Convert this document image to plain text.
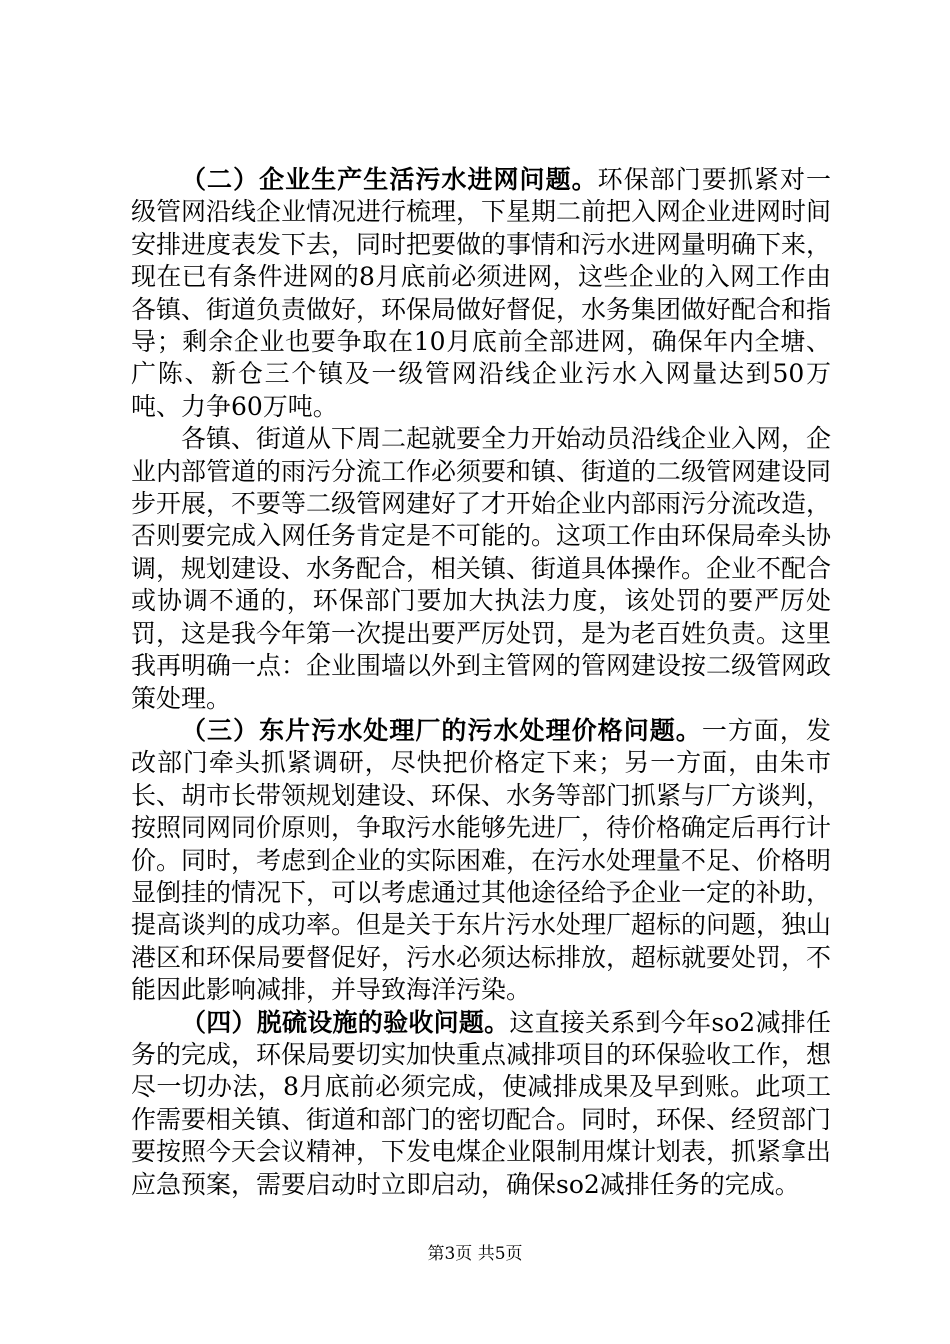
（二）企业生产生活污水进网问题。环保部门要抓紧对一级管网沿线企业情况进行梳理，下星期二前把入网企业进网时间安排进度表发下去，同时把要做的事情和污水进网量明确下来，现在已有条件进网的8月底前必须进网，这些企业的入网工作由各镇、街道负责做好，环保局做好督促，水务集团做好配合和指导；剩余企业也要争取在10月底前全部进网，确保年内全塘、广陈、新仓三个镇及一级管网沿线企业污水入网量达到50万吨、力争60万吨。

各镇、街道从下周二起就要全力开始动员沿线企业入网，企业内部管道的雨污分流工作必须要和镇、街道的二级管网建设同步开展，不要等二级管网建好了才开始企业内部雨污分流改造，否则要完成入网任务肯定是不可能的。这项工作由环保局牵头协调，规划建设、水务配合，相关镇、街道具体操作。企业不配合或协调不通的，环保部门要加大执法力度，该处罚的要严厉处罚，这是我今年第一次提出要严厉处罚，是为老百姓负责。这里我再明确一点：企业围墙以外到主管网的管网建设按二级管网政策处理。

（三）东片污水处理厂的污水处理价格问题。一方面，发改部门牵头抓紧调研，尽快把价格定下来；另一方面，由朱市长、胡市长带领规划建设、环保、水务等部门抓紧与厂方谈判，按照同网同价原则，争取污水能够先进厂，待价格确定后再行计价。同时，考虑到企业的实际困难，在污水处理量不足、价格明显倒挂的情况下，可以考虑通过其他途径给予企业一定的补助，提高谈判的成功率。但是关于东片污水处理厂超标的问题，独山港区和环保局要督促好，污水必须达标排放，超标就要处罚，不能因此影响减排，并导致海洋污染。

（四）脱硫设施的验收问题。这直接关系到今年so2减排任务的完成，环保局要切实加快重点减排项目的环保验收工作，想尽一切办法，8月底前必须完成，使减排成果及早到账。此项工作需要相关镇、街道和部门的密切配合。同时，环保、经贸部门要按照今天会议精神，下发电煤企业限制用煤计划表，抓紧拿出应急预案，需要启动时立即启动，确保so2减排任务的完成。

第3页 共5页
